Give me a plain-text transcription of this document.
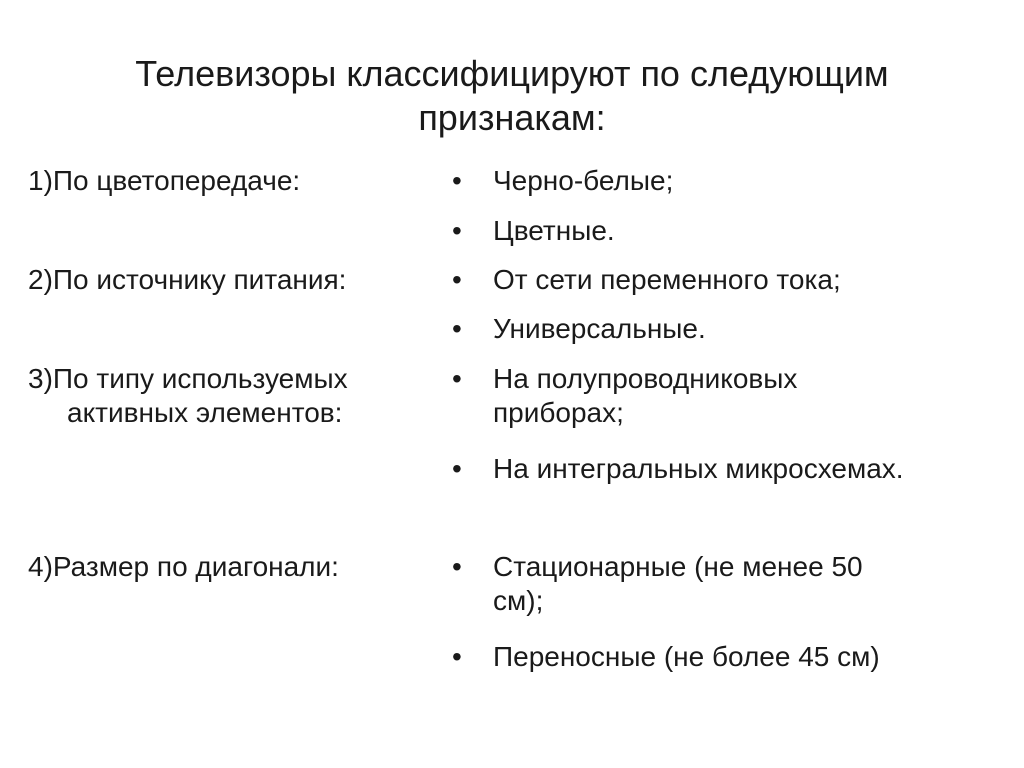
Телевизоры классифицируют по следующим
признакам:
1)По цветопередаче:	•	Черно-белые;
•	Цветные.
2)По источнику питания:	•	От сети переменного тока;
•	Универсальные.
3)По типу используемых
активных элементов:
•	На полупроводниковых
приборах;
•	На интегральных микросхемах.
4)Размер по диагонали:	•	Стационарные (не менее 50
см);
•	Переносные (не более 45 см)
